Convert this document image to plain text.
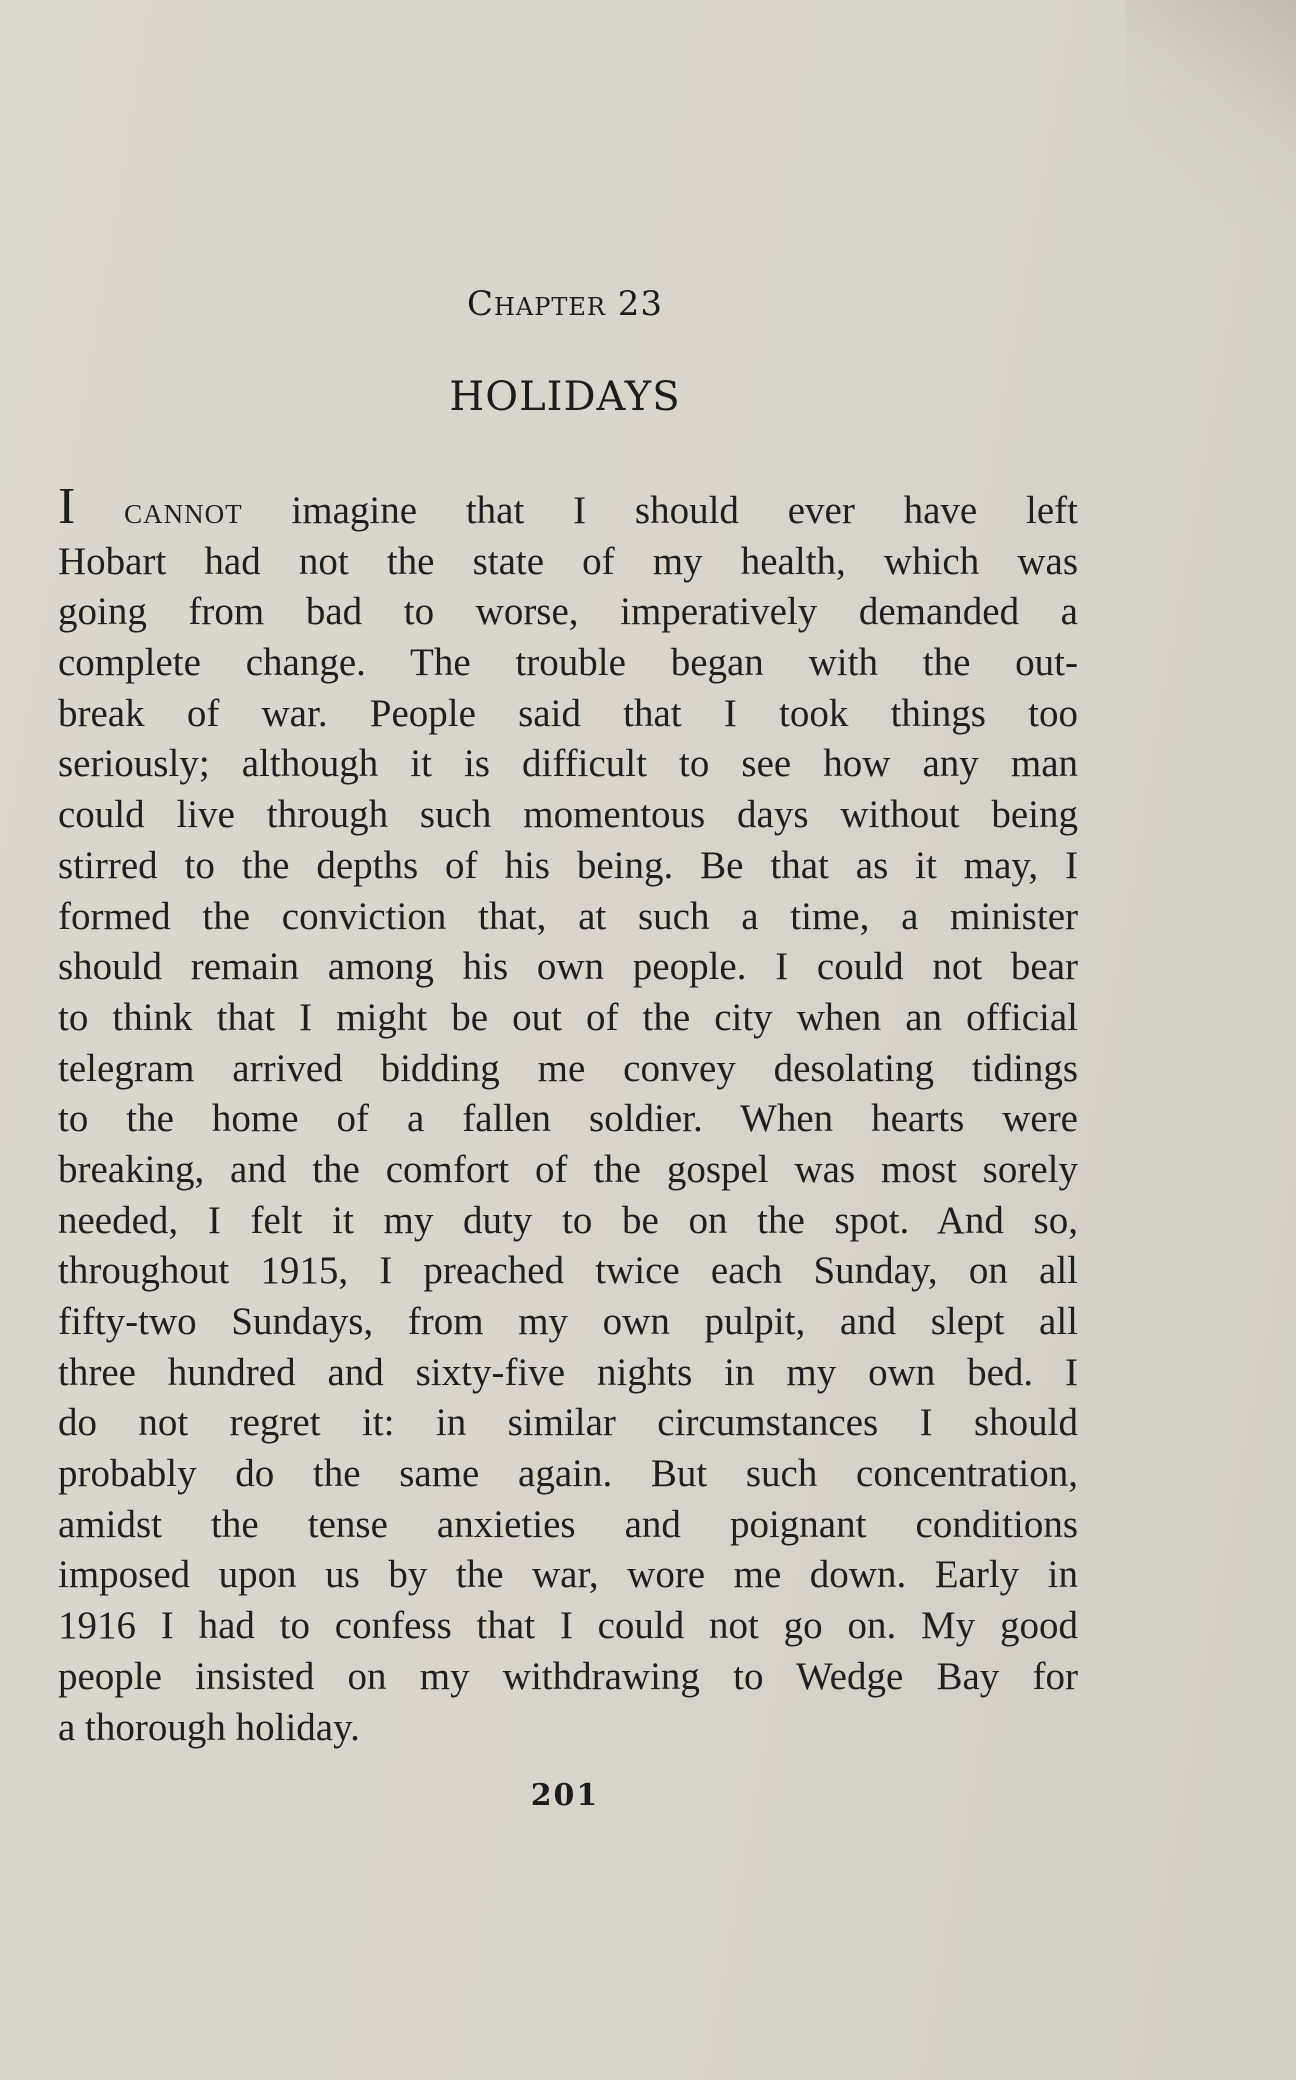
Chapter 23
HOLIDAYS
I cannot imagine that I should ever have left
Hobart had not the state of my health, which was
going from bad to worse, imperatively demanded a
complete change. The trouble began with the out-
break of war. People said that I took things too
seriously; although it is difficult to see how any man
could live through such momentous days without being
stirred to the depths of his being. Be that as it may, I
formed the conviction that, at such a time, a minister
should remain among his own people. I could not bear
to think that I might be out of the city when an official
telegram arrived bidding me convey desolating tidings
to the home of a fallen soldier. When hearts were
breaking, and the comfort of the gospel was most sorely
needed, I felt it my duty to be on the spot. And so,
throughout 1915, I preached twice each Sunday, on all
fifty-two Sundays, from my own pulpit, and slept all
three hundred and sixty-five nights in my own bed. I
do not regret it: in similar circumstances I should
probably do the same again. But such concentration,
amidst the tense anxieties and poignant conditions
imposed upon us by the war, wore me down. Early in
1916 I had to confess that I could not go on. My good
people insisted on my withdrawing to Wedge Bay for
a thorough holiday.
201
